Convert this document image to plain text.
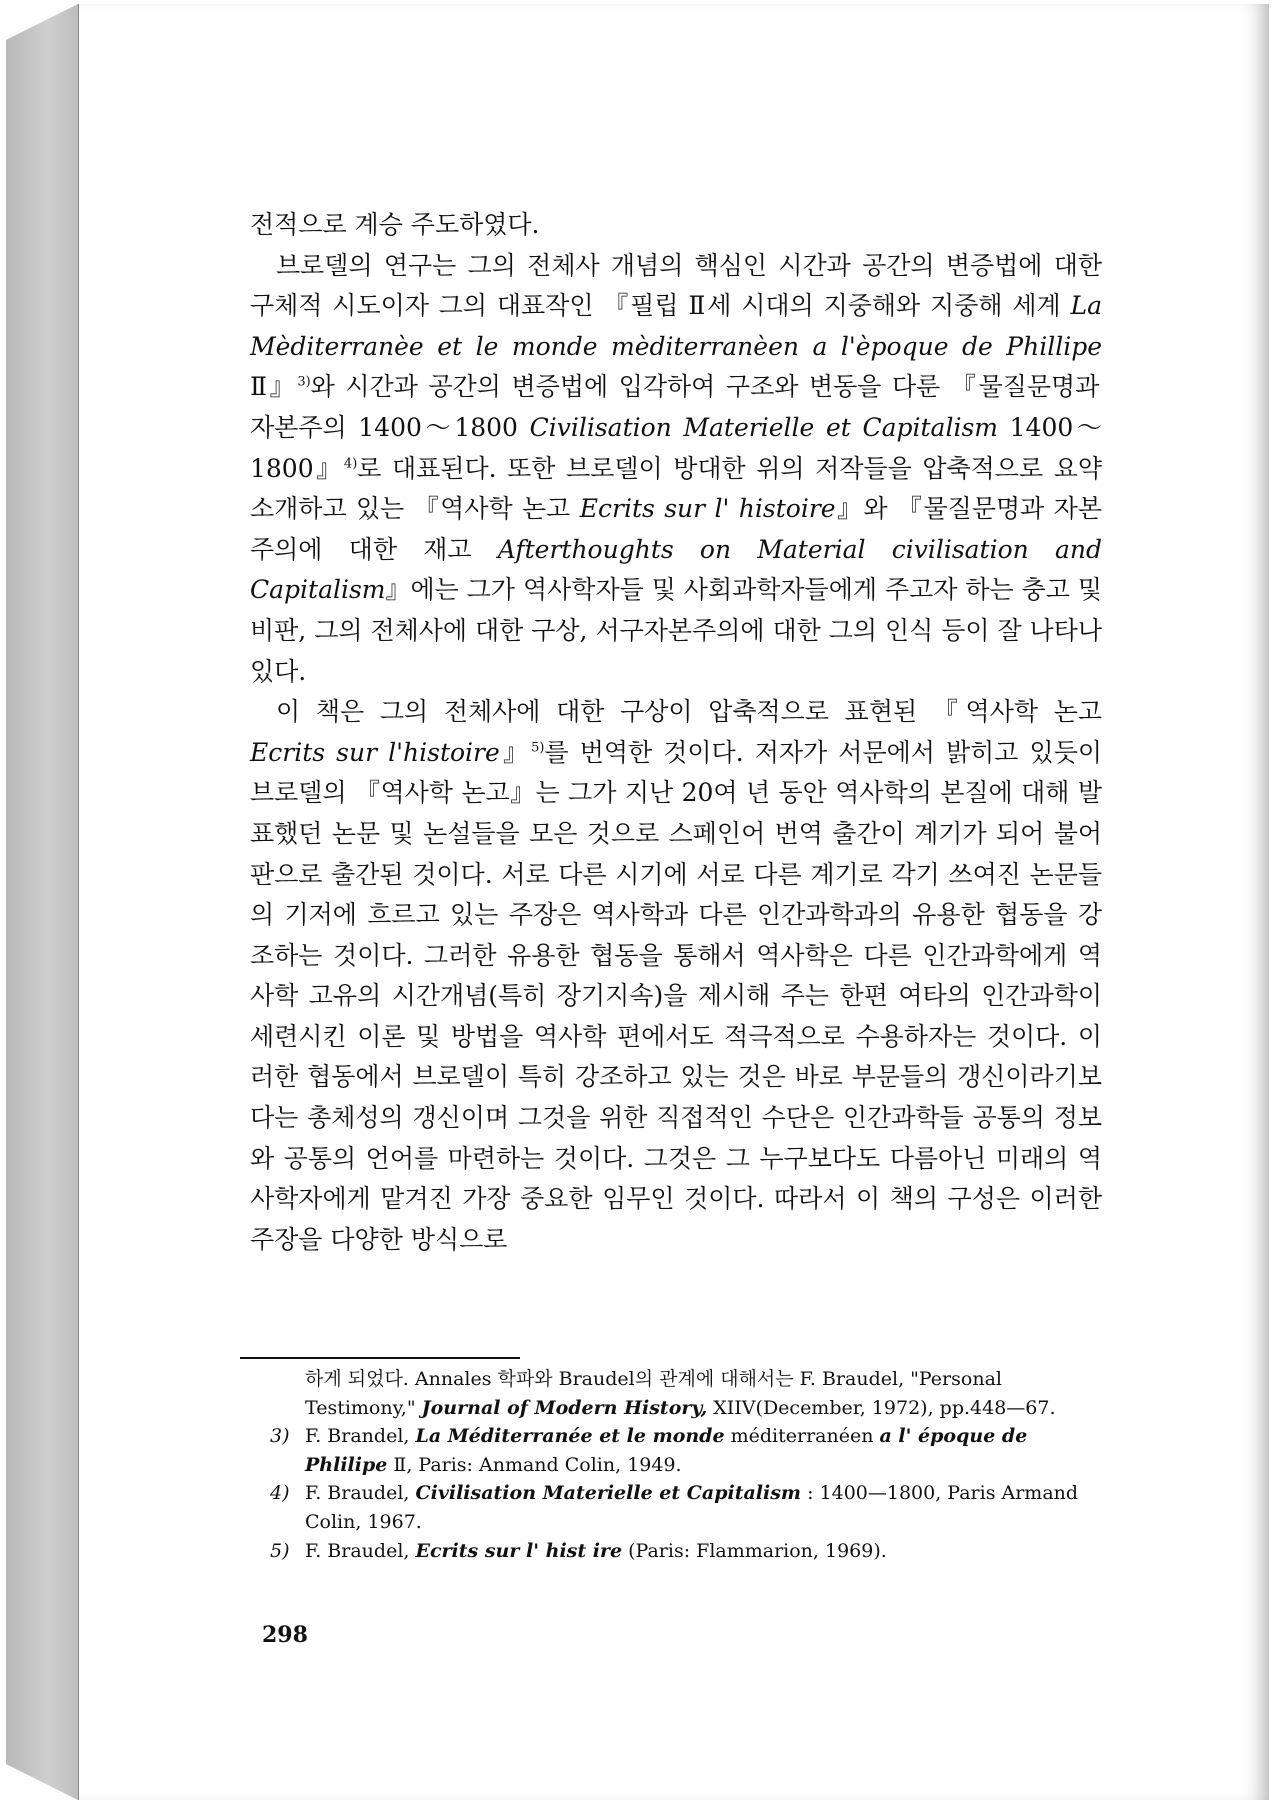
전적으로 계승 주도하였다.

브로델의 연구는 그의 전체사 개념의 핵심인 시간과 공간의 변증법에 대한 구체적 시도이자 그의 대표작인 『필립 Ⅱ세 시대의 지중해와 지중해 세계 La Mèditerranèe et le monde mèditerranèen a l'èpoque de Phillipe Ⅱ』$^{3)}$와 시간과 공간의 변증법에 입각하여 구조와 변동을 다룬 『물질문명과 자본주의 1400～1800 Civilisation Materielle et Capitalism 1400～1800』$^{4)}$로 대표된다. 또한 브로델이 방대한 위의 저작들을 압축적으로 요약 소개하고 있는 『역사학 논고 Ecrits sur l' histoire』와 『물질문명과 자본주의에 대한 재고 Afterthoughts on Material civilisation and Capitalism』에는 그가 역사학자들 및 사회과학자들에게 주고자 하는 충고 및 비판, 그의 전체사에 대한 구상, 서구자본주의에 대한 그의 인식 등이 잘 나타나 있다.

이 책은 그의 전체사에 대한 구상이 압축적으로 표현된 『역사학 논고 Ecrits sur l'histoire』$^{5)}$를 번역한 것이다. 저자가 서문에서 밝히고 있듯이 브로델의 『역사학 논고』는 그가 지난 20여 년 동안 역사학의 본질에 대해 발표했던 논문 및 논설들을 모은 것으로 스페인어 번역 출간이 계기가 되어 불어판으로 출간된 것이다. 서로 다른 시기에 서로 다른 계기로 각기 쓰여진 논문들의 기저에 흐르고 있는 주장은 역사학과 다른 인간과학과의 유용한 협동을 강조하는 것이다. 그러한 유용한 협동을 통해서 역사학은 다른 인간과학에게 역사학 고유의 시간개념(특히 장기지속)을 제시해 주는 한편 여타의 인간과학이 세련시킨 이론 및 방법을 역사학 편에서도 적극적으로 수용하자는 것이다. 이러한 협동에서 브로델이 특히 강조하고 있는 것은 바로 부문들의 갱신이라기보다는 총체성의 갱신이며 그것을 위한 직접적인 수단은 인간과학들 공통의 정보와 공통의 언어를 마련하는 것이다. 그것은 그 누구보다도 다름아닌 미래의 역사학자에게 맡겨진 가장 중요한 임무인 것이다. 따라서 이 책의 구성은 이러한 주장을 다양한 방식으로

하게 되었다. Annales 학파와 Braudel의 관계에 대해서는 F. Braudel, "Personal Testimony," Journal of Modern History, XIIV(December, 1972), pp.448—67.

3) F. Brandel, La Méditerranée et le monde méditerranéen a l' époque de Phlilipe Ⅱ, Paris: Anmand Colin, 1949.

4) F. Braudel, Civilisation Materielle et Capitalism : 1400—1800, Paris Armand Colin, 1967.

5) F. Braudel, Ecrits sur l' hist ire (Paris: Flammarion, 1969).

298
